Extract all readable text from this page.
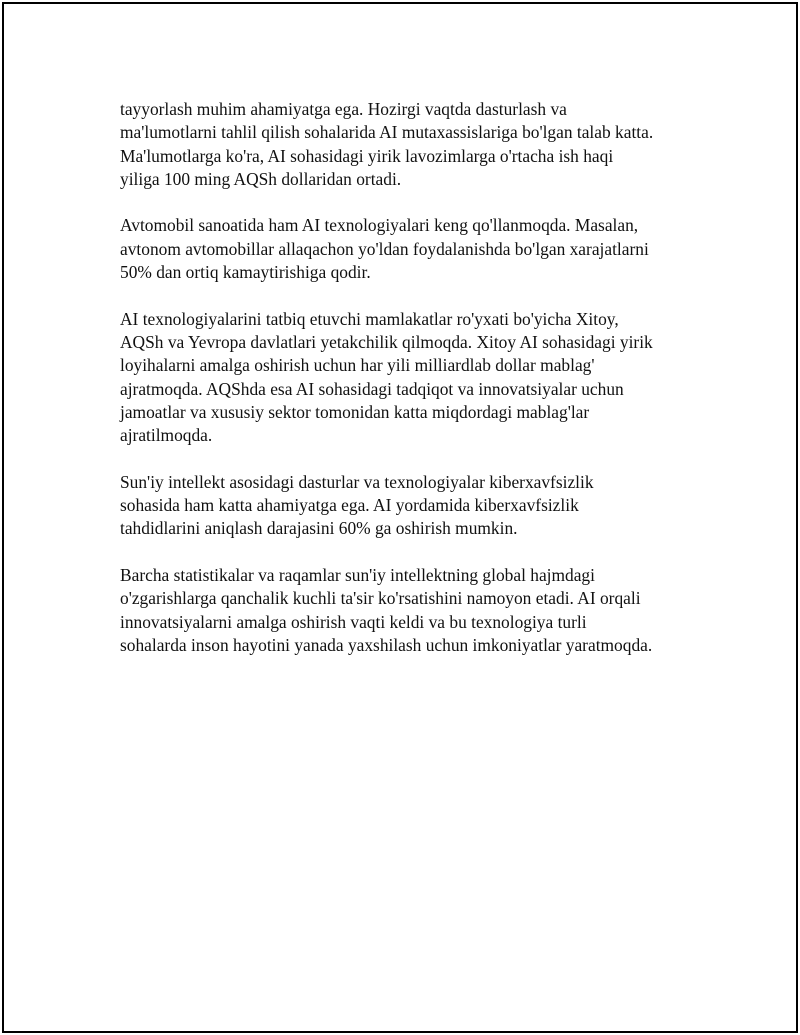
tayyorlash muhim ahamiyatga ega. Hozirgi vaqtda dasturlash va
ma'lumotlarni tahlil qilish sohalarida AI mutaxassislariga bo'lgan talab katta.
Ma'lumotlarga ko'ra, AI sohasidagi yirik lavozimlarga o'rtacha ish haqi
yiliga 100 ming AQSh dollaridan ortadi.

Avtomobil sanoatida ham AI texnologiyalari keng qo'llanmoqda. Masalan,
avtonom avtomobillar allaqachon yo'ldan foydalanishda bo'lgan xarajatlarni
50% dan ortiq kamaytirishiga qodir.

AI texnologiyalarini tatbiq etuvchi mamlakatlar ro'yxati bo'yicha Xitoy,
AQSh va Yevropa davlatlari yetakchilik qilmoqda. Xitoy AI sohasidagi yirik
loyihalarni amalga oshirish uchun har yili milliardlab dollar mablag'
ajratmoqda. AQShda esa AI sohasidagi tadqiqot va innovatsiyalar uchun
jamoatlar va xususiy sektor tomonidan katta miqdordagi mablag'lar
ajratilmoqda.

Sun'iy intellekt asosidagi dasturlar va texnologiyalar kiberxavfsizlik
sohasida ham katta ahamiyatga ega. AI yordamida kiberxavfsizlik
tahdidlarini aniqlash darajasini 60% ga oshirish mumkin.

Barcha statistikalar va raqamlar sun'iy intellektning global hajmdagi
o'zgarishlarga qanchalik kuchli ta'sir ko'rsatishini namoyon etadi. AI orqali
innovatsiyalarni amalga oshirish vaqti keldi va bu texnologiya turli
sohalarda inson hayotini yanada yaxshilash uchun imkoniyatlar yaratmoqda.
